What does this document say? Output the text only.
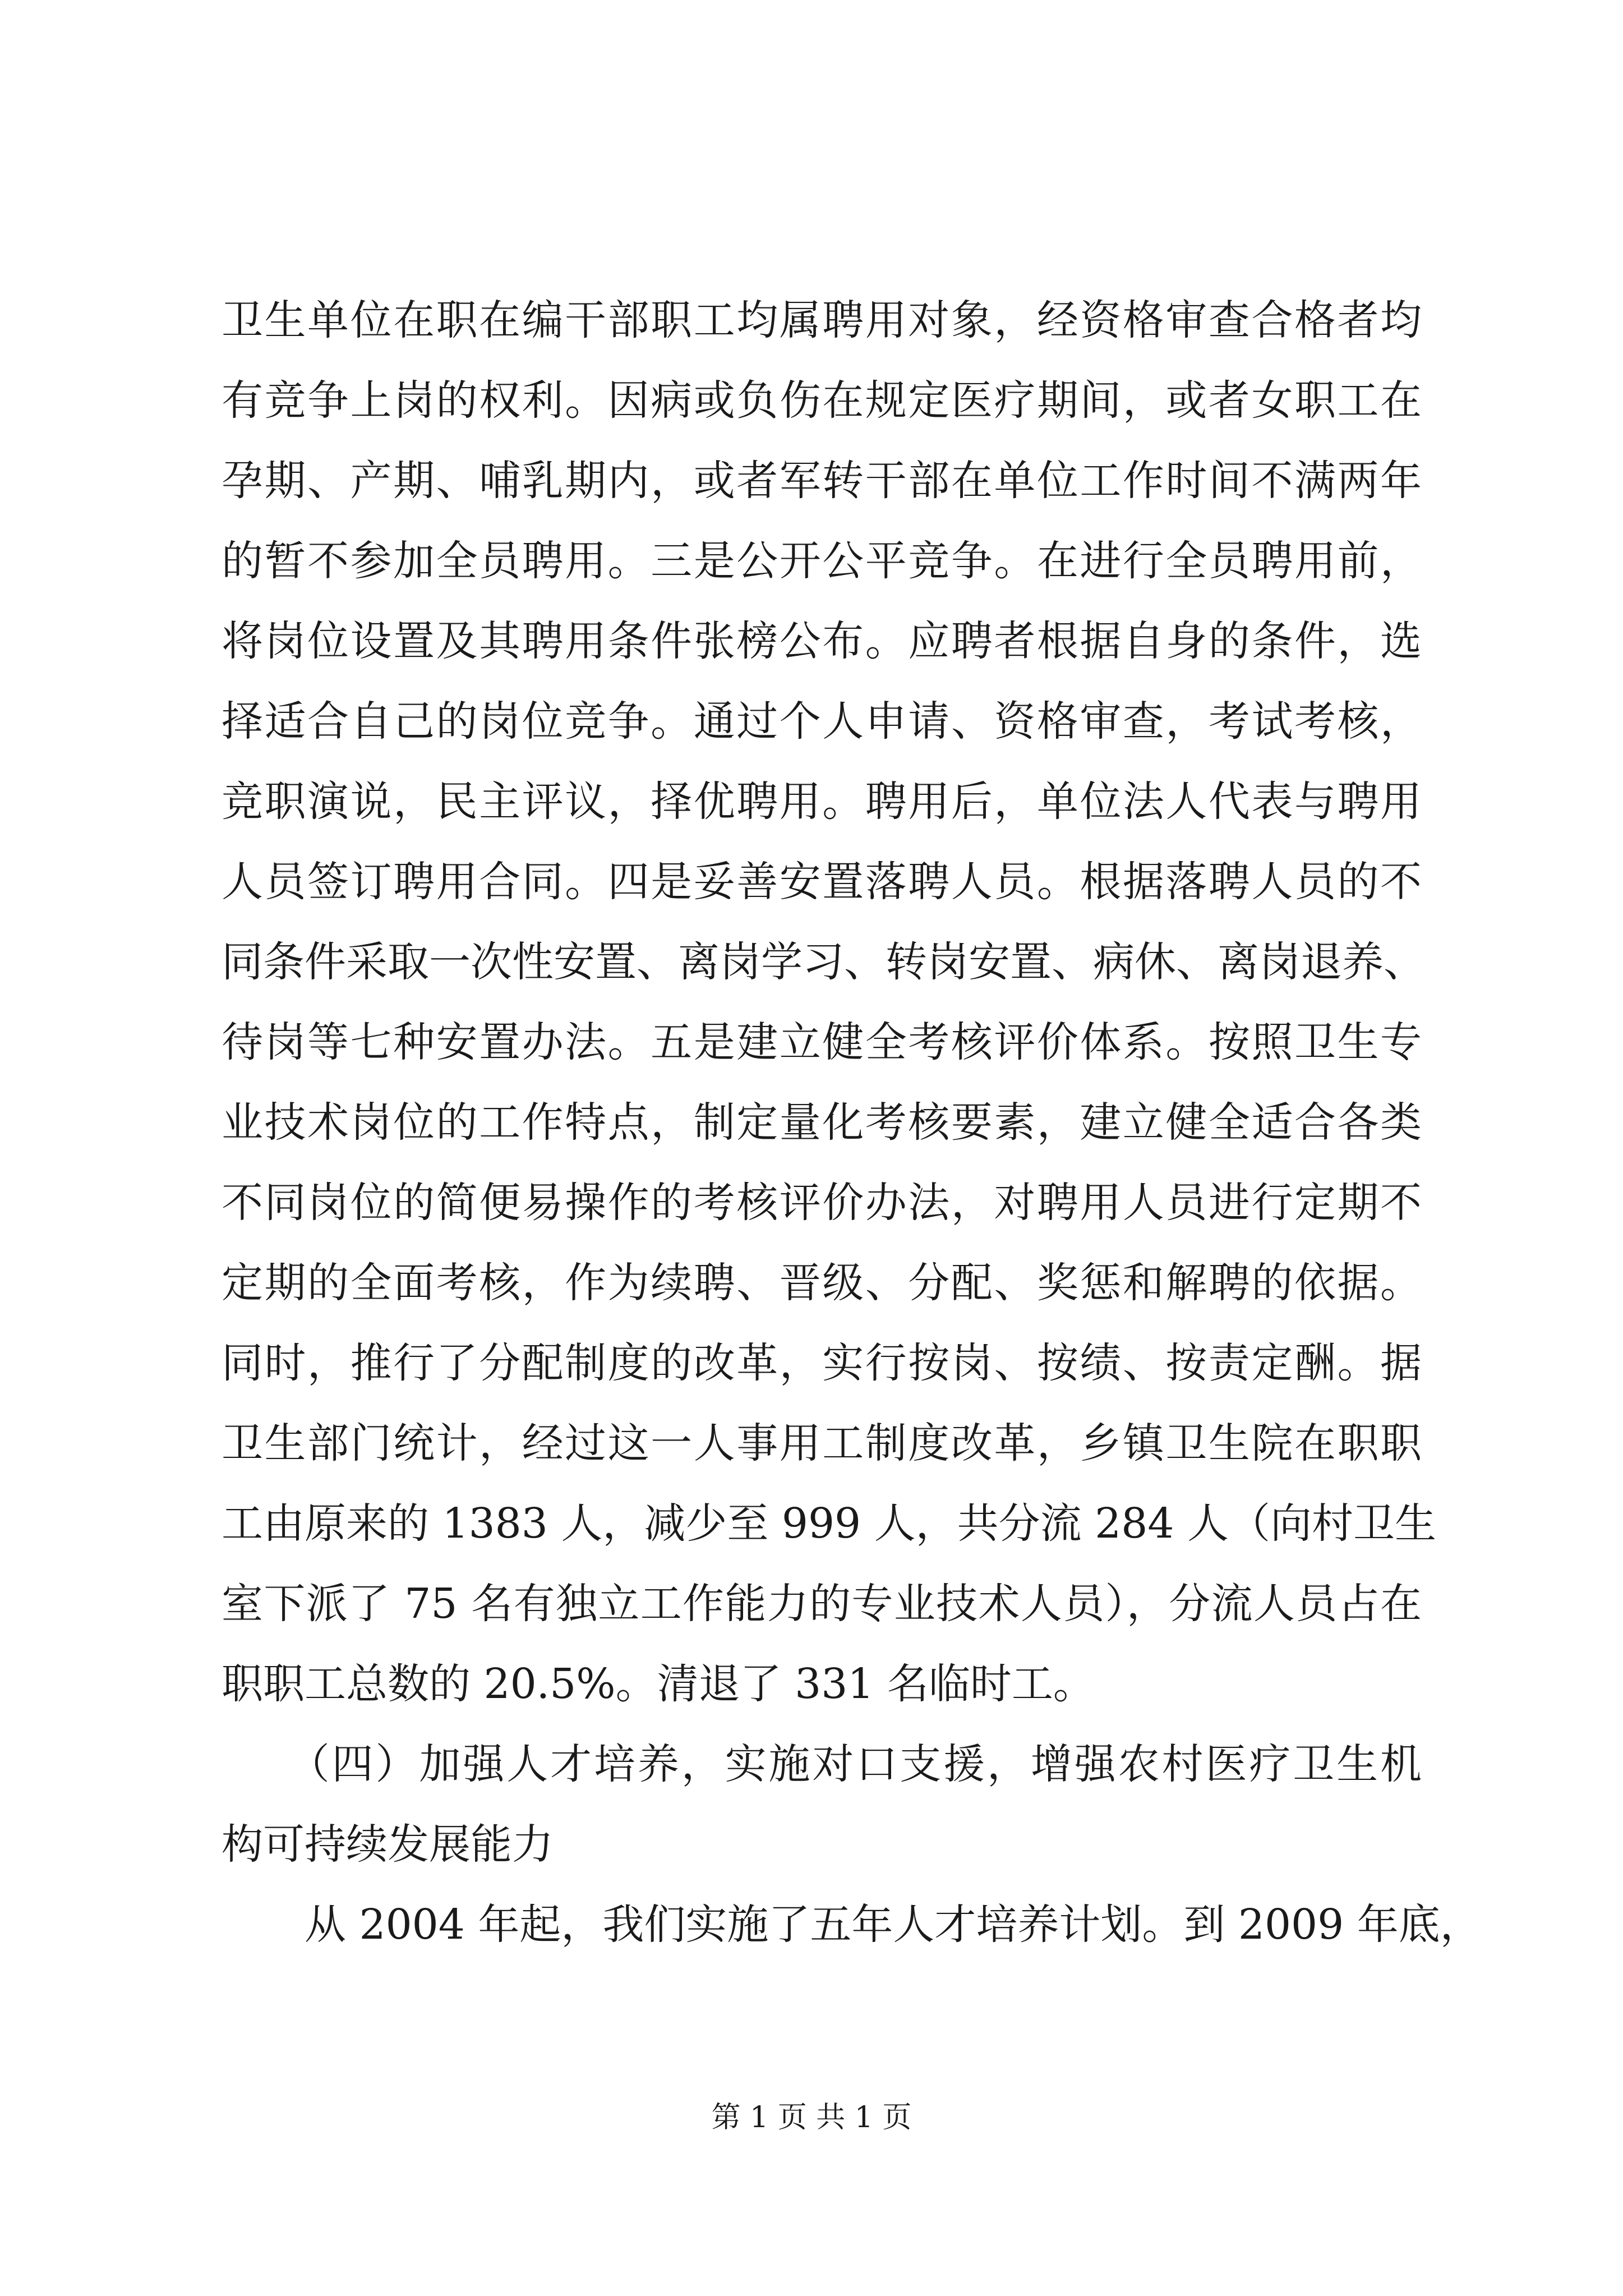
卫生单位在职在编干部职工均属聘用对象，经资格审查合格者均
有竞争上岗的权利。因病或负伤在规定医疗期间，或者女职工在
孕期、产期、哺乳期内，或者军转干部在单位工作时间不满两年
的暂不参加全员聘用。三是公开公平竞争。在进行全员聘用前，
将岗位设置及其聘用条件张榜公布。应聘者根据自身的条件，选
择适合自己的岗位竞争。通过个人申请、资格审查，考试考核，
竞职演说，民主评议，择优聘用。聘用后，单位法人代表与聘用
人员签订聘用合同。四是妥善安置落聘人员。根据落聘人员的不
同条件采取一次性安置、离岗学习、转岗安置、病休、离岗退养、
待岗等七种安置办法。五是建立健全考核评价体系。按照卫生专
业技术岗位的工作特点，制定量化考核要素，建立健全适合各类
不同岗位的简便易操作的考核评价办法，对聘用人员进行定期不
定期的全面考核，作为续聘、晋级、分配、奖惩和解聘的依据。
同时，推行了分配制度的改革，实行按岗、按绩、按责定酬。据
卫生部门统计，经过这一人事用工制度改革，乡镇卫生院在职职
工由原来的 1383 人，减少至 999 人，共分流 284 人（向村卫生
室下派了 75 名有独立工作能力的专业技术人员），分流人员占在
职职工总数的 20.5%。清退了 331 名临时工。
　　（四）加强人才培养，实施对口支援，增强农村医疗卫生机
构可持续发展能力
　　从 2004 年起，我们实施了五年人才培养计划。到 2009 年底，
第 1 页 共 1 页
